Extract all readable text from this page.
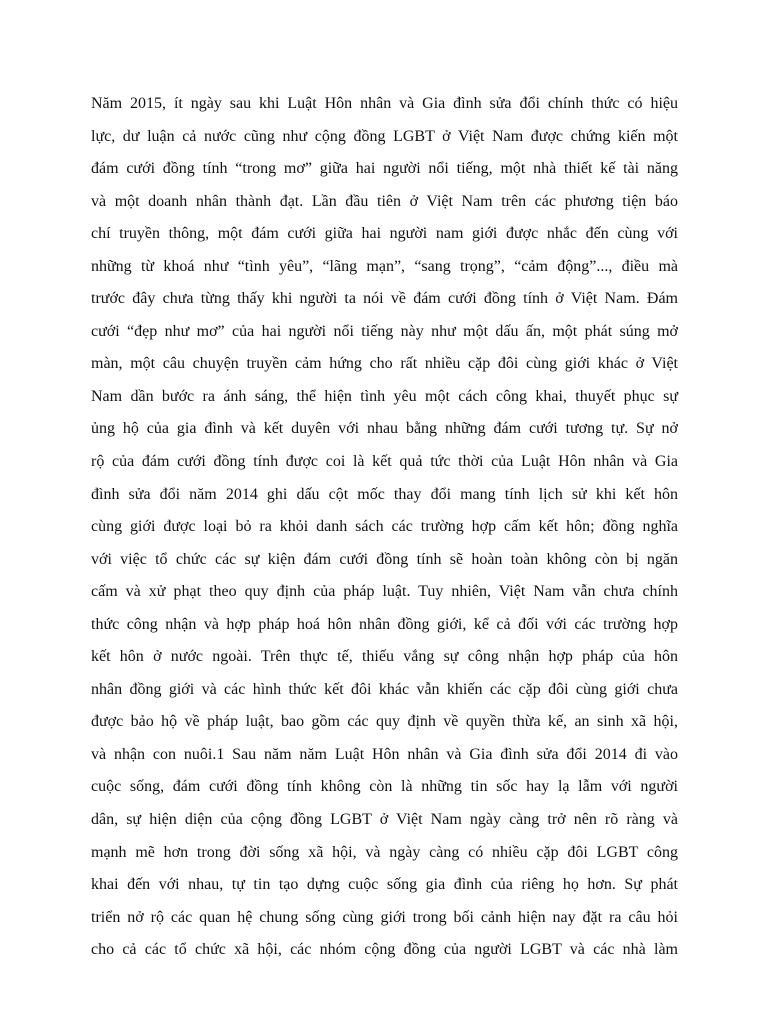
Năm 2015, ít ngày sau khi Luật Hôn nhân và Gia đình sửa đổi chính thức có hiệu
lực, dư luận cả nước cũng như cộng đồng LGBT ở Việt Nam được chứng kiến một
đám cưới đồng tính “trong mơ” giữa hai người nổi tiếng, một nhà thiết kế tài năng
và một doanh nhân thành đạt. Lần đầu tiên ở Việt Nam trên các phương tiện báo
chí truyền thông, một đám cưới giữa hai người nam giới được nhắc đến cùng với
những từ khoá như “tình yêu”, “lãng mạn”, “sang trọng”, “cảm động”..., điều mà
trước đây chưa từng thấy khi người ta nói về đám cưới đồng tính ở Việt Nam. Đám
cưới “đẹp như mơ” của hai người nổi tiếng này như một dấu ấn, một phát súng mở
màn, một câu chuyện truyền cảm hứng cho rất nhiều cặp đôi cùng giới khác ở Việt
Nam dần bước ra ánh sáng, thể hiện tình yêu một cách công khai, thuyết phục sự
ủng hộ của gia đình và kết duyên với nhau bằng những đám cưới tương tự. Sự nở
rộ của đám cưới đồng tính được coi là kết quả tức thời của Luật Hôn nhân và Gia
đình sửa đổi năm 2014 ghi dấu cột mốc thay đổi mang tính lịch sử khi kết hôn
cùng giới được loại bỏ ra khỏi danh sách các trường hợp cấm kết hôn; đồng nghĩa
với việc tổ chức các sự kiện đám cưới đồng tính sẽ hoàn toàn không còn bị ngăn
cấm và xử phạt theo quy định của pháp luật. Tuy nhiên, Việt Nam vẫn chưa chính
thức công nhận và hợp pháp hoá hôn nhân đồng giới, kể cả đối với các trường hợp
kết hôn ở nước ngoài. Trên thực tế, thiếu vắng sự công nhận hợp pháp của hôn
nhân đồng giới và các hình thức kết đôi khác vẫn khiến các cặp đôi cùng giới chưa
được bảo hộ về pháp luật, bao gồm các quy định về quyền thừa kế, an sinh xã hội,
và nhận con nuôi.1 Sau năm năm Luật Hôn nhân và Gia đình sửa đổi 2014 đi vào
cuộc sống, đám cưới đồng tính không còn là những tin sốc hay lạ lẫm với người
dân, sự hiện diện của cộng đồng LGBT ở Việt Nam ngày càng trở nên rõ ràng và
mạnh mẽ hơn trong đời sống xã hội, và ngày càng có nhiều cặp đôi LGBT công
khai đến với nhau, tự tin tạo dựng cuộc sống gia đình của riêng họ hơn. Sự phát
triển nở rộ các quan hệ chung sống cùng giới trong bối cảnh hiện nay đặt ra câu hỏi
cho cả các tổ chức xã hội, các nhóm cộng đồng của người LGBT và các nhà làm
